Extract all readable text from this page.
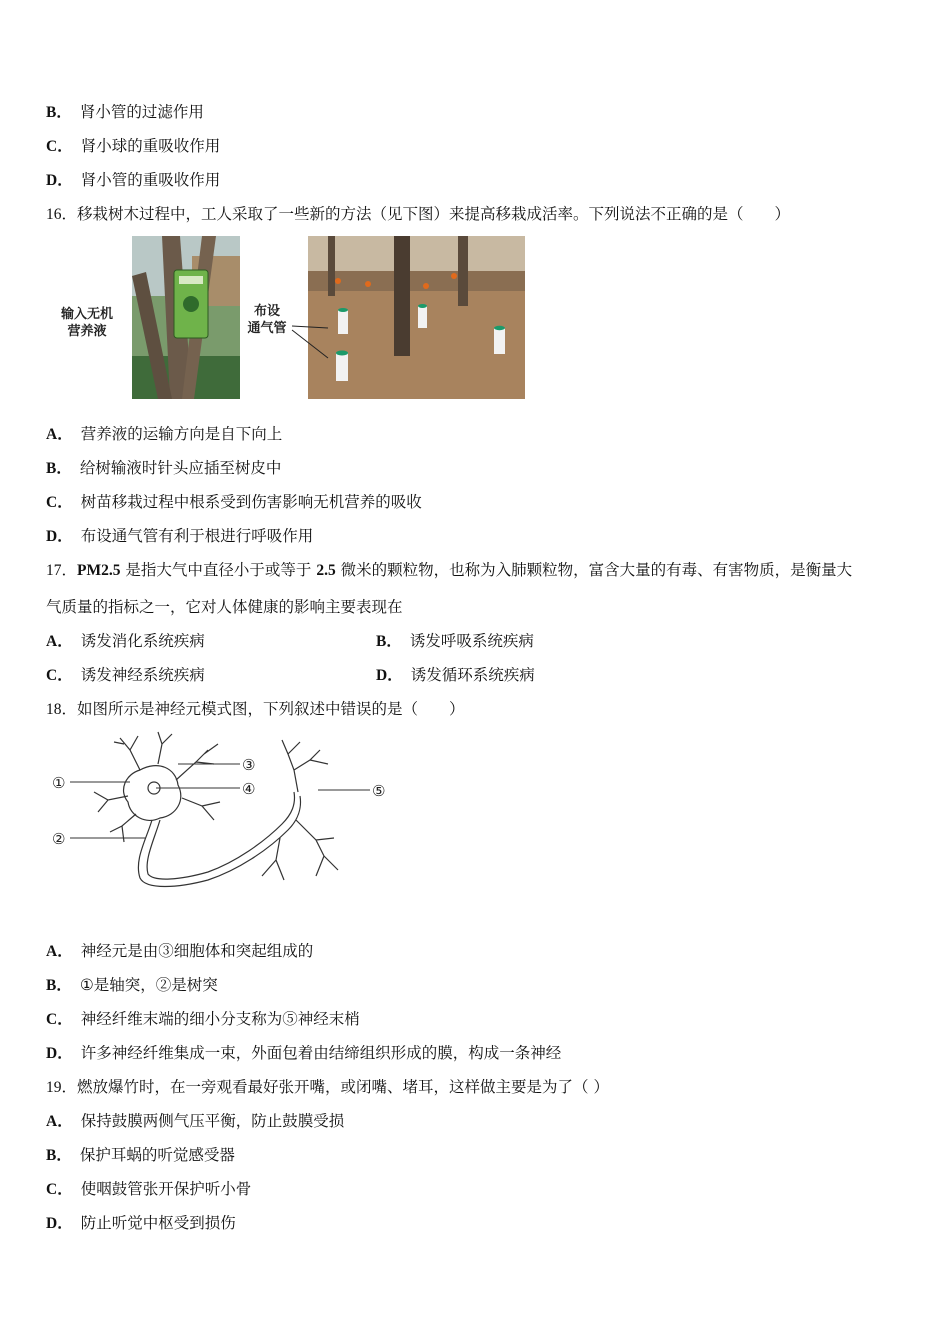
B． 肾小管的过滤作用
C． 肾小球的重吸收作用
D． 肾小管的重吸收作用
16．移栽树木过程中，工人采取了一些新的方法（见下图）来提高移栽成活率。下列说法不正确的是（　　）
输入无机
营养液
布设
通气管
A． 营养液的运输方向是自下向上
B． 给树输液时针头应插至树皮中
C． 树苗移栽过程中根系受到伤害影响无机营养的吸收
D． 布设通气管有利于根进行呼吸作用
17．PM2.5 是指大气中直径小于或等于 2.5 微米的颗粒物，也称为入肺颗粒物，富含大量的有毒、有害物质，是衡量大
气质量的指标之一，它对人体健康的影响主要表现在
A． 诱发消化系统疾病	B． 诱发呼吸系统疾病
C． 诱发神经系统疾病	D． 诱发循环系统疾病
18．如图所示是神经元模式图，下列叙述中错误的是（　　）
①
②
③
④	⑤
A． 神经元是由③细胞体和突起组成的
B． ①是轴突，②是树突
C． 神经纤维末端的细小分支称为⑤神经末梢
D． 许多神经纤维集成一束，外面包着由结缔组织形成的膜，构成一条神经
19．燃放爆竹时，在一旁观看最好张开嘴，或闭嘴、堵耳，这样做主要是为了（ ）
A． 保持鼓膜两侧气压平衡，防止鼓膜受损
B． 保护耳蜗的听觉感受器
C． 使咽鼓管张开保护听小骨
D． 防止听觉中枢受到损伤
